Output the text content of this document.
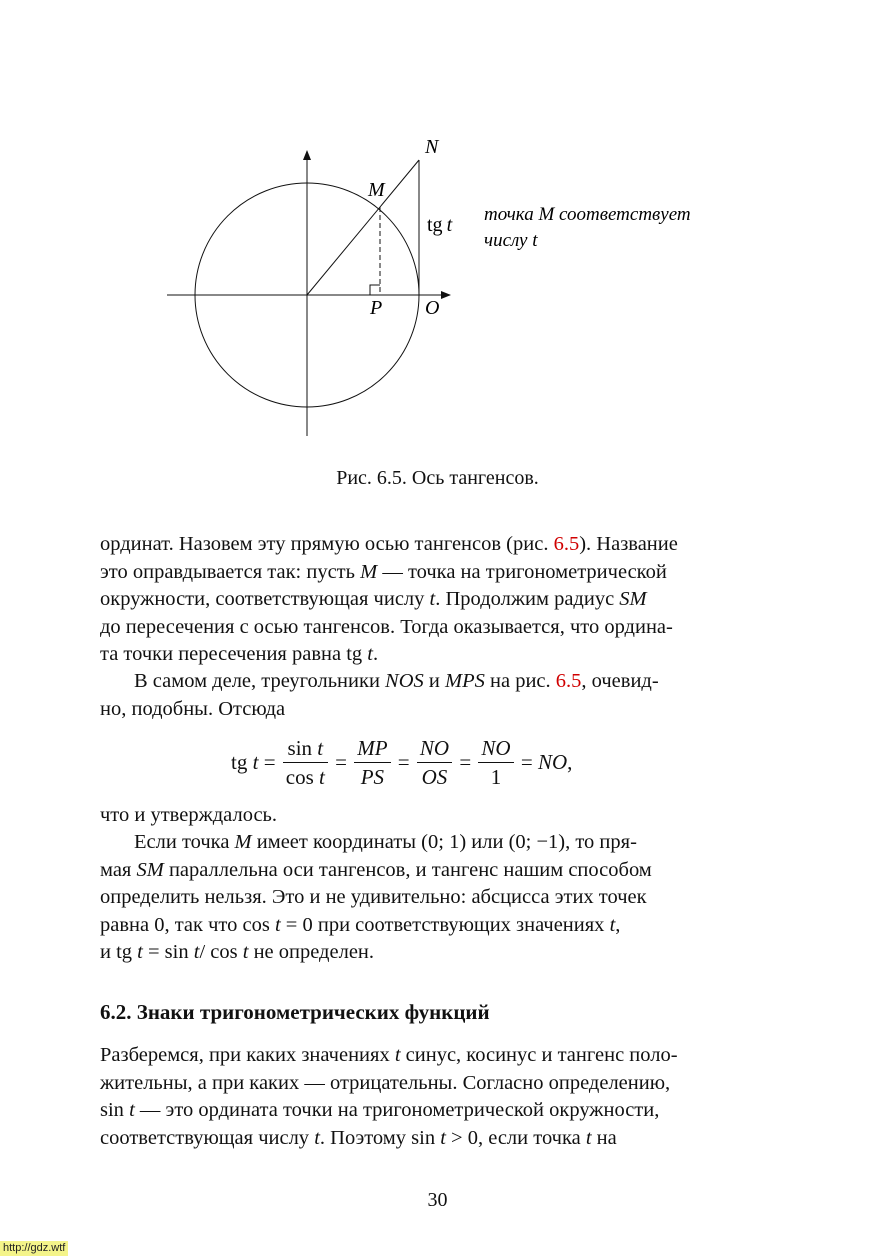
N
M
P O
tg t точка M соответствует
числу t
Рис. 6.5. Ось тангенсов.
ординат. Назовем эту прямую осью тангенсов (рис. 6.5). Название
это оправдывается так: пусть M — точка на тригонометрической
окружности, соответствующая числу t. Продолжим радиус SM
до пересечения с осью тангенсов. Тогда оказывается, что ордина-
та точки пересечения равна tg t.
В самом деле, треугольники NOS и MPS на рис. 6.5, очевид-
но, подобны. Отсюда
tg $t = \frac{\text{sin t}}{\text{cos t}} = \frac{MP}{PS} = \frac{NO}{OS} = \frac{NO}{1}$ = NO,
что и утверждалось.
Если точка M имеет координаты (0; 1) или (0; −1), то пря-
мая SM параллельна оси тангенсов, и тангенс нашим способом
определить нельзя. Это и не удивительно: абсцисса этих точек
равна 0, так что cos t = 0 при соответствующих значениях t,
и tg t = sin t/ cos t не определен.
6.2. Знаки тригонометрических функций
Разберемся, при каких значениях t синус, косинус и тангенс поло-
жительны, а при каких — отрицательны. Согласно определению,
sin t — это ордината точки на тригонометрической окружности,
соответствующая числу t. Поэтому sin t > 0, если точка t на
30
http://gdz.wtf
